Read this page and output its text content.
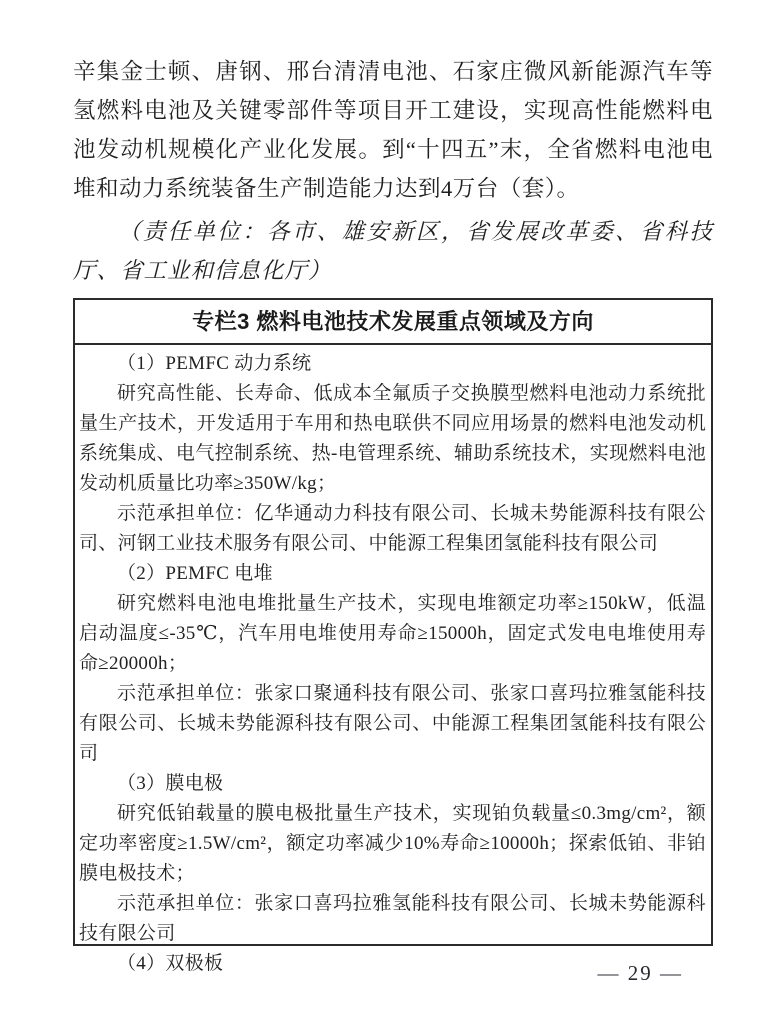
辛集金士顿、唐钢、邢台清清电池、石家庄微风新能源汽车等氢燃料电池及关键零部件等项目开工建设，实现高性能燃料电池发动机规模化产业化发展。到“十四五”末，全省燃料电池电堆和动力系统装备生产制造能力达到4万台（套）。

（责任单位：各市、雄安新区，省发展改革委、省科技厅、省工业和信息化厅）

专栏3 燃料电池技术发展重点领域及方向

（1）PEMFC 动力系统

研究高性能、长寿命、低成本全氟质子交换膜型燃料电池动力系统批量生产技术，开发适用于车用和热电联供不同应用场景的燃料电池发动机系统集成、电气控制系统、热-电管理系统、辅助系统技术，实现燃料电池发动机质量比功率≥350W/kg；

示范承担单位：亿华通动力科技有限公司、长城未势能源科技有限公司、河钢工业技术服务有限公司、中能源工程集团氢能科技有限公司

（2）PEMFC 电堆

研究燃料电池电堆批量生产技术，实现电堆额定功率≥150kW，低温启动温度≤-35℃，汽车用电堆使用寿命≥15000h，固定式发电电堆使用寿命≥20000h；

示范承担单位：张家口聚通科技有限公司、张家口喜玛拉雅氢能科技有限公司、长城未势能源科技有限公司、中能源工程集团氢能科技有限公司

（3）膜电极

研究低铂载量的膜电极批量生产技术，实现铂负载量≤0.3mg/cm²，额定功率密度≥1.5W/cm²，额定功率减少10%寿命≥10000h；探索低铂、非铂膜电极技术；

示范承担单位：张家口喜玛拉雅氢能科技有限公司、长城未势能源科技有限公司

（4）双极板	— 29 —
